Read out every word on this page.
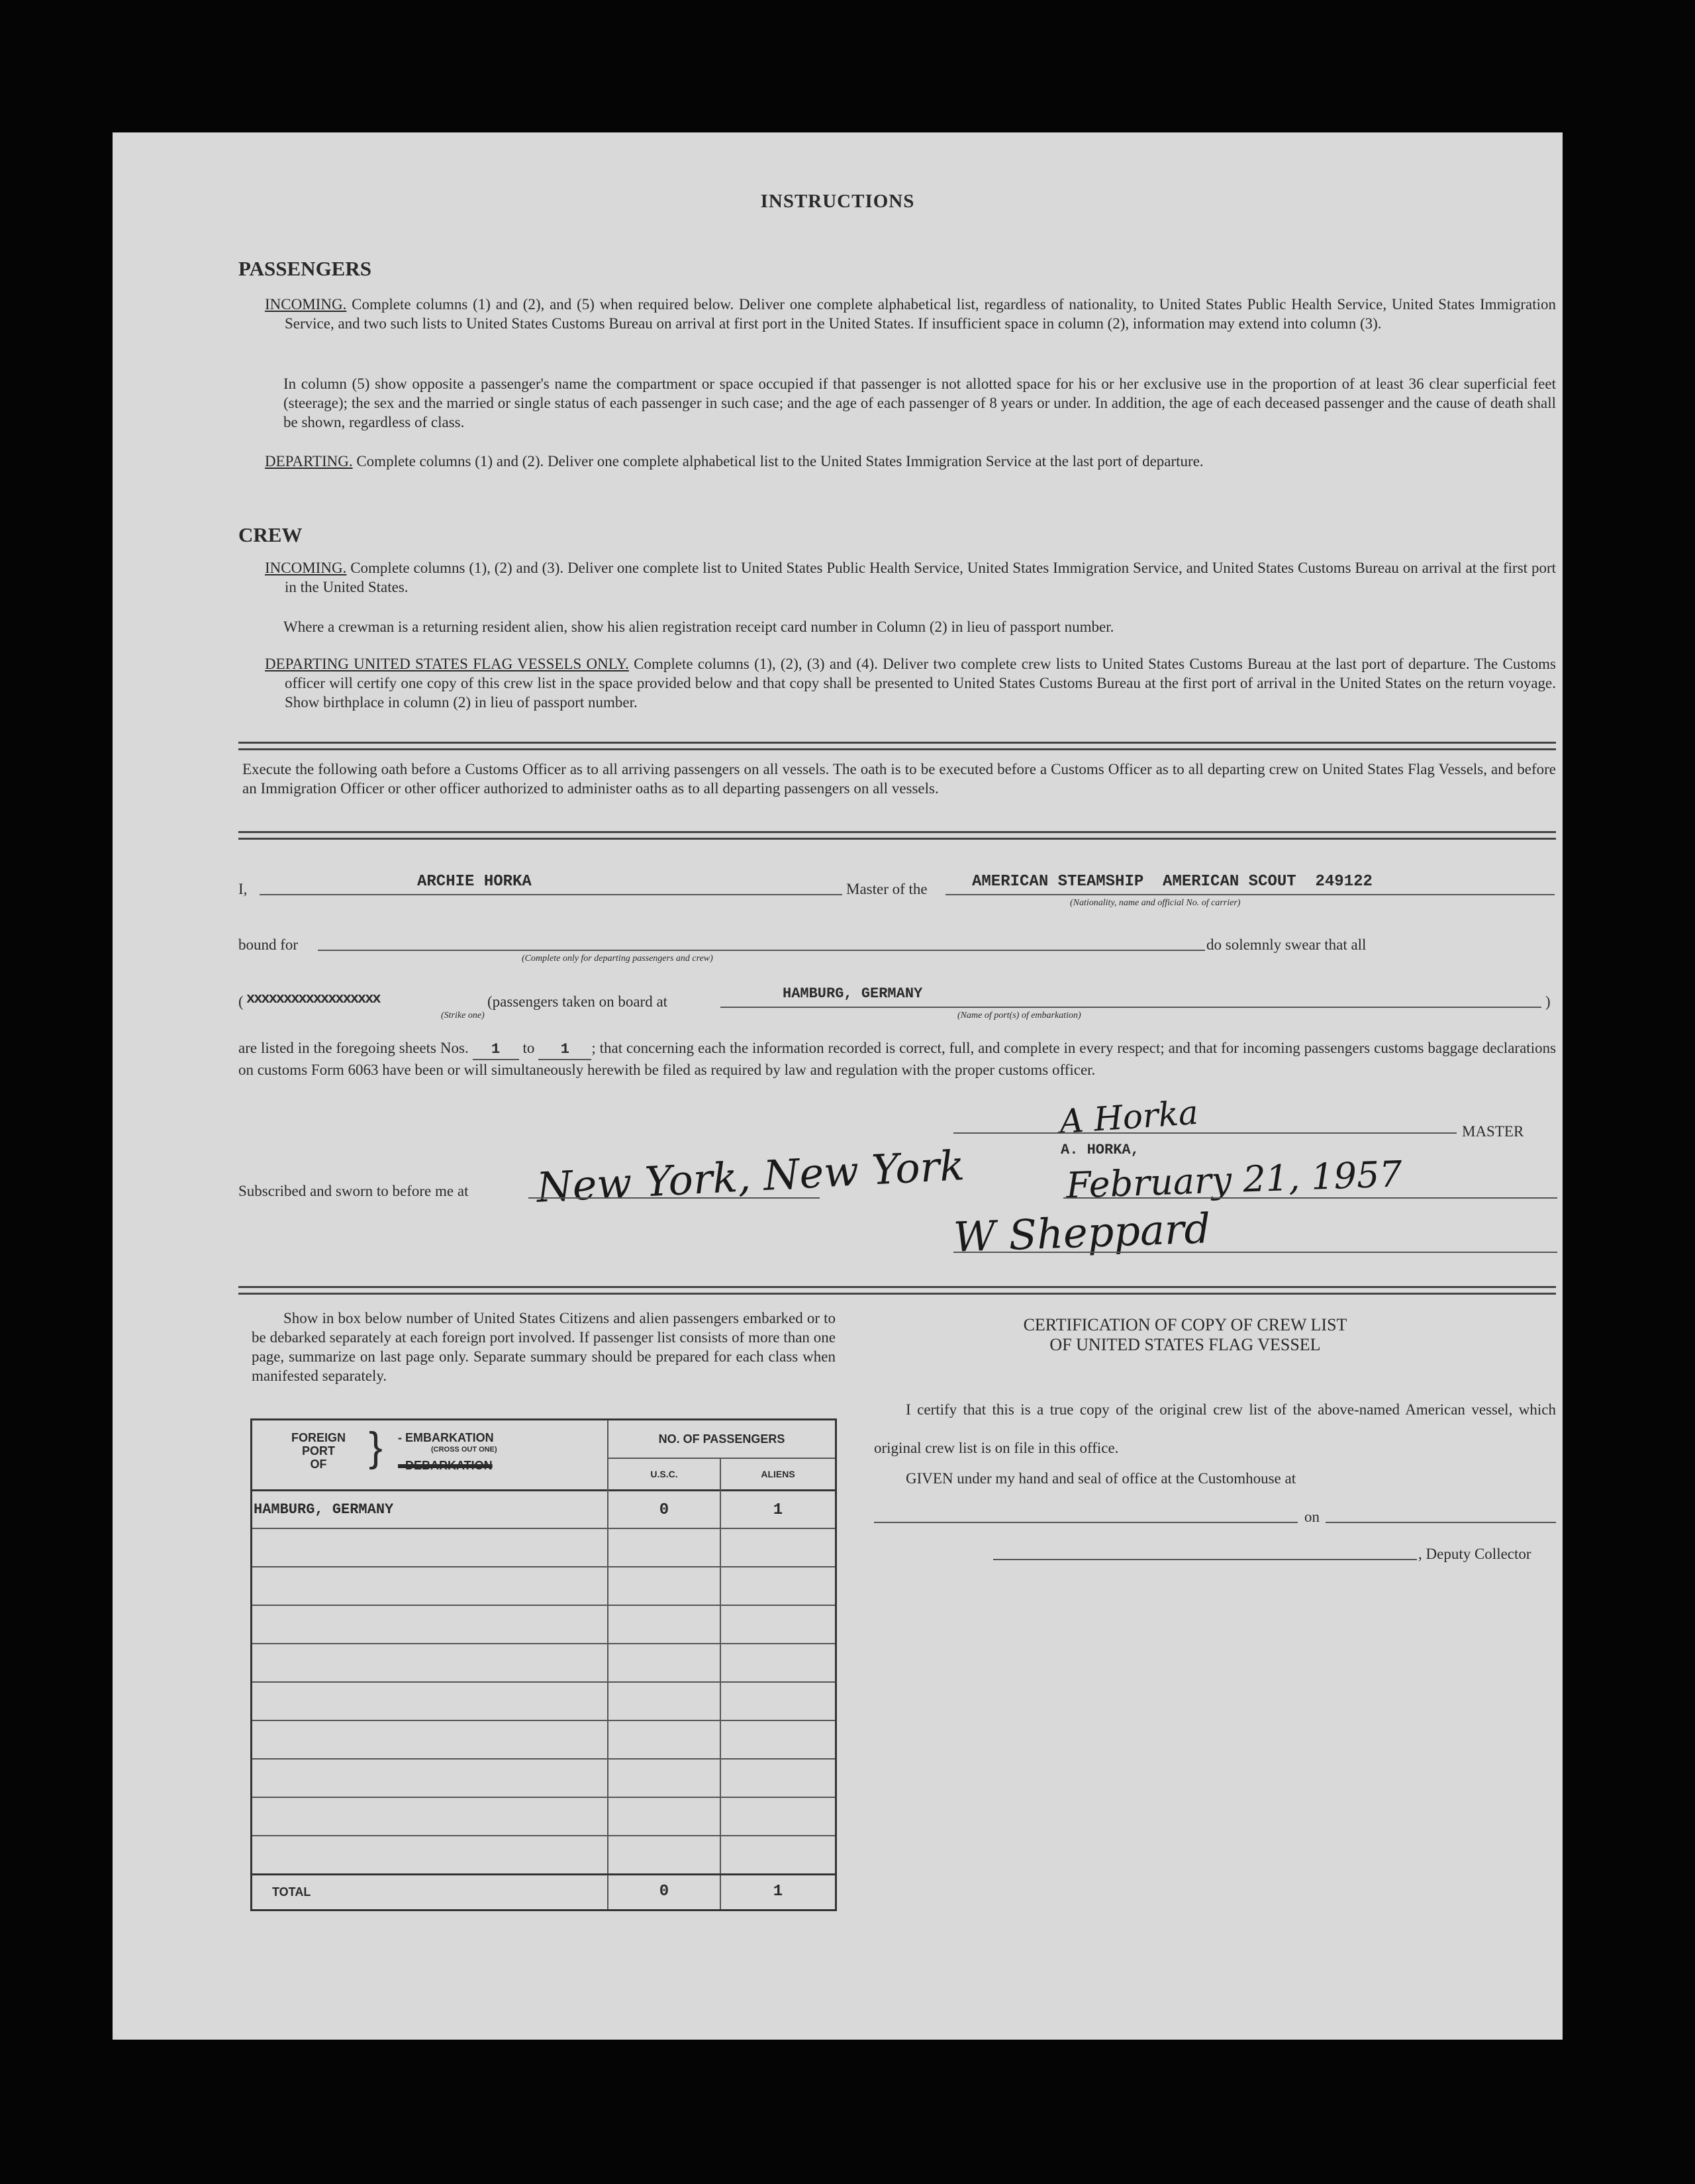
INSTRUCTIONS
PASSENGERS
INCOMING. Complete columns (1) and (2), and (5) when required below. Deliver one complete alphabetical list, regardless of nationality, to United States Public Health Service, United States Immigration Service, and two such lists to United States Customs Bureau on arrival at first port in the United States. If insufficient space in column (2), information may extend into column (3).
In column (5) show opposite a passenger's name the compartment or space occupied if that passenger is not allotted space for his or her exclusive use in the proportion of at least 36 clear superficial feet (steerage); the sex and the married or single status of each passenger in such case; and the age of each passenger of 8 years or under. In addition, the age of each deceased passenger and the cause of death shall be shown, regardless of class.
DEPARTING. Complete columns (1) and (2). Deliver one complete alphabetical list to the United States Immigration Service at the last port of departure.
CREW
INCOMING. Complete columns (1), (2) and (3). Deliver one complete list to United States Public Health Service, United States Immigration Service, and United States Customs Bureau on arrival at the first port in the United States.
Where a crewman is a returning resident alien, show his alien registration receipt card number in Column (2) in lieu of passport number.
DEPARTING UNITED STATES FLAG VESSELS ONLY. Complete columns (1), (2), (3) and (4). Deliver two complete crew lists to United States Customs Bureau at the last port of departure. The Customs officer will certify one copy of this crew list in the space provided below and that copy shall be presented to United States Customs Bureau at the first port of arrival in the United States on the return voyage. Show birthplace in column (2) in lieu of passport number.
Execute the following oath before a Customs Officer as to all arriving passengers on all vessels. The oath is to be executed before a Customs Officer as to all departing crew on United States Flag Vessels, and before an Immigration Officer or other officer authorized to administer oaths as to all departing passengers on all vessels.
I,	ARCHIE HORKA	Master of the	AMERICAN STEAMSHIP  AMERICAN SCOUT  249122
(Nationality, name and official No. of carrier)
bound for
(Complete only for departing passengers and crew)
do solemnly swear that all
( xxxxxxxxxxxxxxxxxx
(Strike one)
(passengers taken on board at	HAMBURG, GERMANY
(Name of port(s) of embarkation)
)
are listed in the foregoing sheets Nos. 1 to 1 ; that concerning each the information recorded is correct, full, and complete in every respect; and that for incoming passengers customs baggage declarations on customs Form 6063 have been or will simultaneously herewith be filed as required by law and regulation with the proper customs officer.
A Horka	MASTER
A. HORKA,
Subscribed and sworn to before me at New York, New York	February 21, 1957
W Sheppard
Show in box below number of United States Citizens and alien passengers embarked or to be debarked separately at each foreign port involved. If passenger list consists of more than one page, summarize on last page only. Separate summary should be prepared for each class when manifested separately.
FOREIGN
PORT
OF	} - EMBARKATION
(CROSS OUT ONE)
- DEBARKATION
NO. OF PASSENGERS
U.S.C.	ALIENS
HAMBURG, GERMANY	0	1
TOTAL	0	1
CERTIFICATION OF COPY OF CREW LIST
OF UNITED STATES FLAG VESSEL
I certify that this is a true copy of the original crew list of the above-named American vessel, which original crew list is on file in this office.
GIVEN under my hand and seal of office at the Customhouse at
on
, Deputy Collector
